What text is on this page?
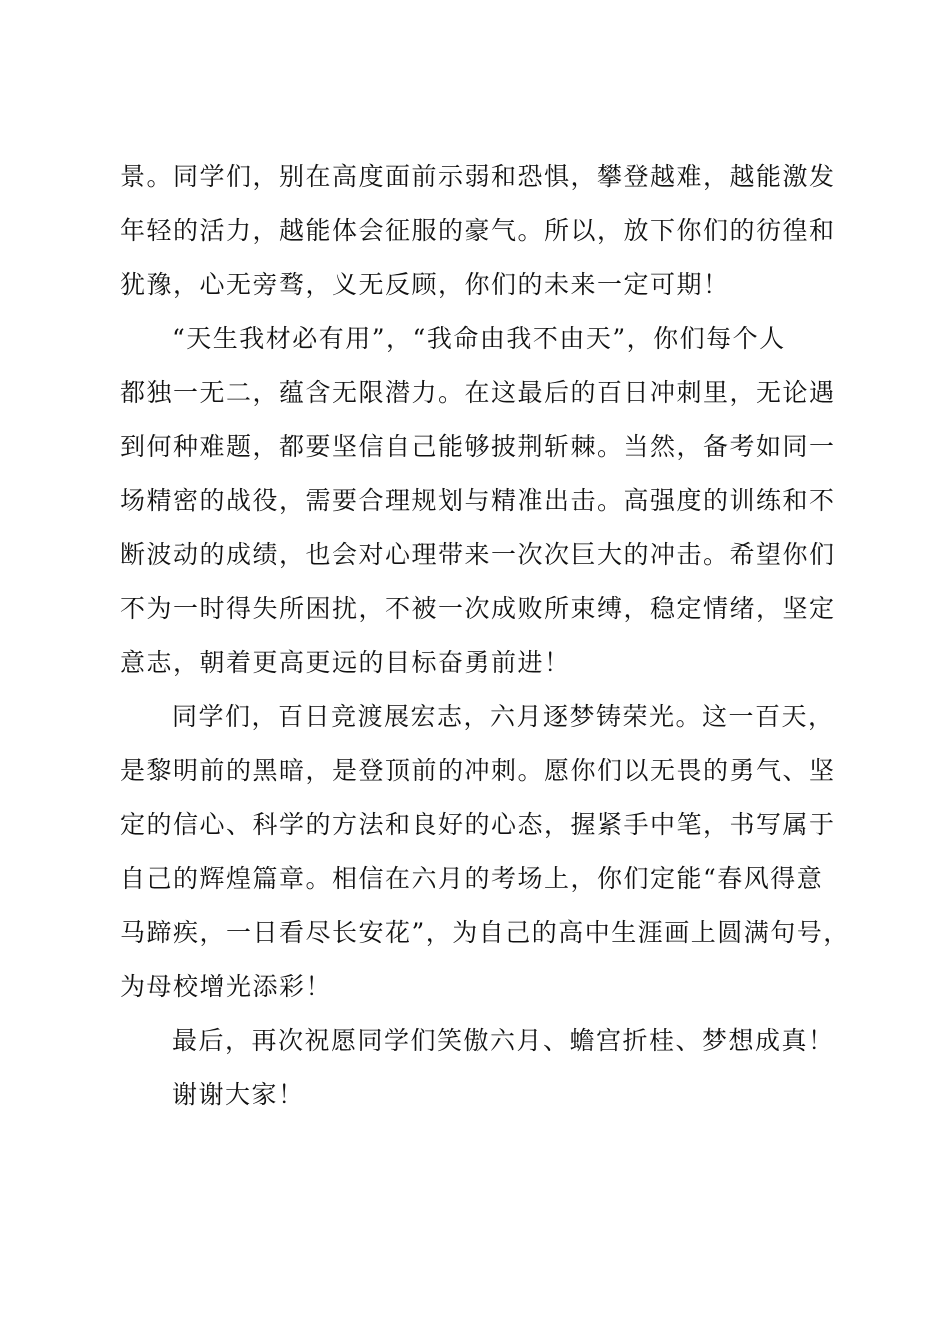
景。同学们，别在高度面前示弱和恐惧，攀登越难，越能激发
年轻的活力，越能体会征服的豪气。所以，放下你们的彷徨和
犹豫，心无旁骛，义无反顾，你们的未来一定可期！

“天生我材必有用”，“我命由我不由天”，你们每个人
都独一无二，蕴含无限潜力。在这最后的百日冲刺里，无论遇
到何种难题，都要坚信自己能够披荆斩棘。当然，备考如同一
场精密的战役，需要合理规划与精准出击。高强度的训练和不
断波动的成绩，也会对心理带来一次次巨大的冲击。希望你们
不为一时得失所困扰，不被一次成败所束缚，稳定情绪，坚定
意志，朝着更高更远的目标奋勇前进！

同学们，百日竞渡展宏志，六月逐梦铸荣光。这一百天，
是黎明前的黑暗，是登顶前的冲刺。愿你们以无畏的勇气、坚
定的信心、科学的方法和良好的心态，握紧手中笔，书写属于
自己的辉煌篇章。相信在六月的考场上，你们定能“春风得意
马蹄疾，一日看尽长安花”，为自己的高中生涯画上圆满句号，
为母校增光添彩！

最后，再次祝愿同学们笑傲六月、蟾宫折桂、梦想成真！

谢谢大家！
